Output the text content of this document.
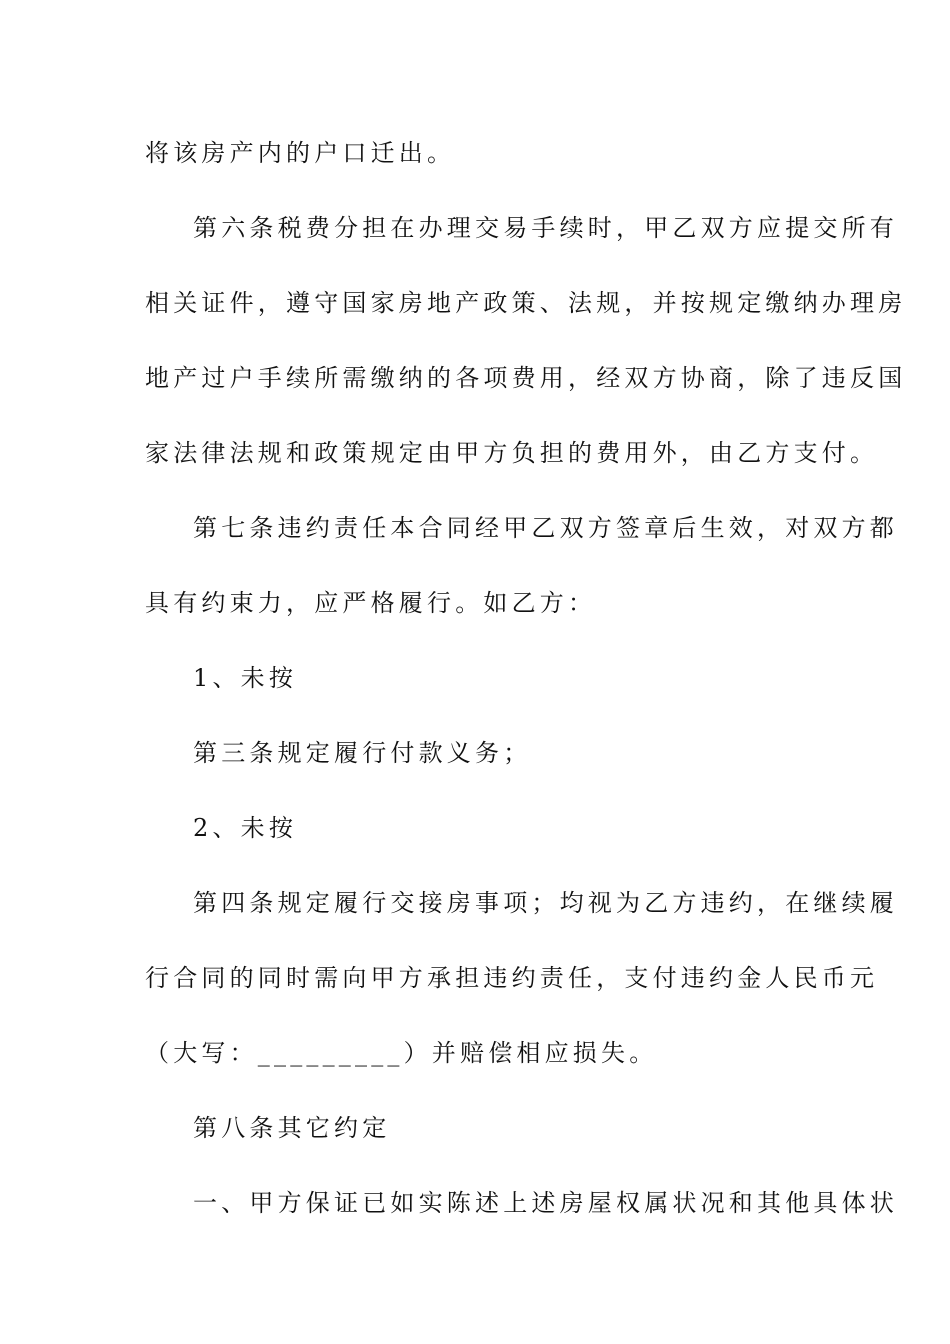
将该房产内的户口迁出。
第六条税费分担在办理交易手续时，甲乙双方应提交所有
相关证件，遵守国家房地产政策、法规，并按规定缴纳办理房
地产过户手续所需缴纳的各项费用，经双方协商，除了违反国
家法律法规和政策规定由甲方负担的费用外，由乙方支付。
第七条违约责任本合同经甲乙双方签章后生效，对双方都
具有约束力，应严格履行。如乙方：
1、未按
第三条规定履行付款义务；
2、未按
第四条规定履行交接房事项；均视为乙方违约，在继续履
行合同的同时需向甲方承担违约责任，支付违约金人民币元
（大写：_________）并赔偿相应损失。
第八条其它约定
一、甲方保证已如实陈述上述房屋权属状况和其他具体状
